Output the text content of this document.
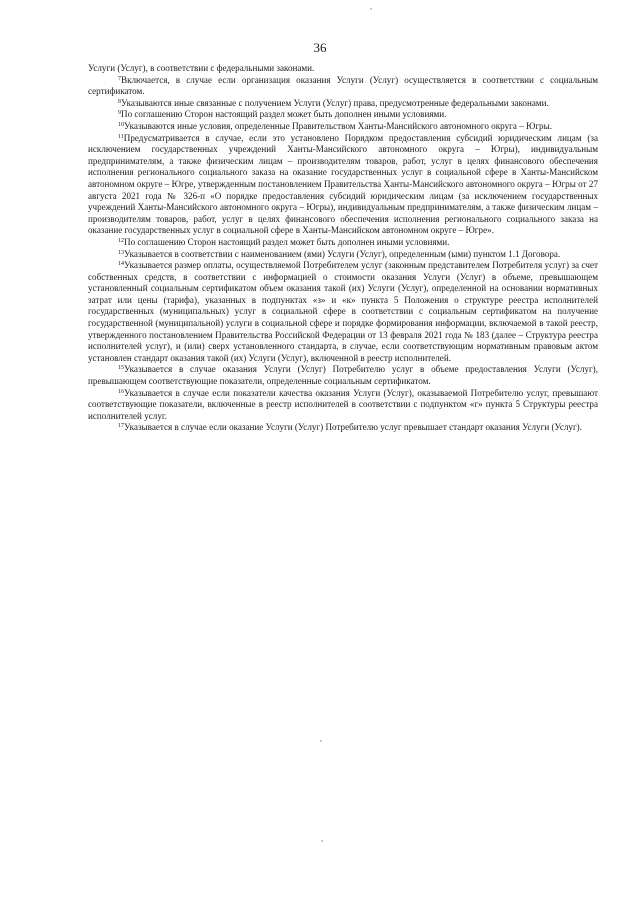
36

Услуги (Услуг), в соответствии с федеральными законами.

$^7$Включается, в случае если организация оказания Услуги (Услуг) осуществляется в соответствии с социальным сертификатом.

$^8$Указываются иные связанные с получением Услуги (Услуг) права, предусмотренные федеральными законами.

$^9$По соглашению Сторон настоящий раздел может быть дополнен иными условиями.

$^{10}$Указываются иные условия, определенные Правительством Ханты-Мансийского автономного округа – Югры.

$^{11}$Предусматривается в случае, если это установлено Порядком предоставления субсидий юридическим лицам (за исключением государственных учреждений Ханты-Мансийского автономного округа – Югры), индивидуальным предпринимателям, а также физическим лицам – производителям товаров, работ, услуг в целях финансового обеспечения исполнения регионального социального заказа на оказание государственных услуг в социальной сфере в Ханты-Мансийском автономном округе – Югре, утвержденным постановлением Правительства Ханты-Мансийского автономного округа – Югры от 27 августа 2021 года № 326-п «О порядке предоставления субсидий юридическим лицам (за исключением государственных учреждений Ханты-Мансийского автономного округа – Югры), индивидуальным предпринимателям, а также физическим лицам – производителям товаров, работ, услуг в целях финансового обеспечения исполнения регионального социального заказа на оказание государственных услуг в социальной сфере в Ханты-Мансийском автономном округе – Югре».

$^{12}$По соглашению Сторон настоящий раздел может быть дополнен иными условиями.

$^{13}$Указывается в соответствии с наименованием (ями) Услуги (Услуг), определенным (ыми) пунктом 1.1 Договора.

$^{14}$Указывается размер оплаты, осуществляемой Потребителем услуг (законным представителем Потребителя услуг) за счет собственных средств, в соответствии с информацией о стоимости оказания Услуги (Услуг) в объеме, превышающем установленный социальным сертификатом объем оказания такой (их) Услуги (Услуг), определенной на основании нормативных затрат или цены (тарифа), указанных в подпунктах «з» и «к» пункта 5 Положения о структуре реестра исполнителей государственных (муниципальных) услуг в социальной сфере в соответствии с социальным сертификатом на получение государственной (муниципальной) услуги в социальной сфере и порядке формирования информации, включаемой в такой реестр, утвержденного постановлением Правительства Российской Федерации от 13 февраля 2021 года № 183 (далее – Структура реестра исполнителей услуг), и (или) сверх установленного стандарта, в случае, если соответствующим нормативным правовым актом установлен стандарт оказания такой (их) Услуги (Услуг), включенной в реестр исполнителей.

$^{15}$Указывается в случае оказания Услуги (Услуг) Потребителю услуг в объеме предоставления Услуги (Услуг), превышающем соответствующие показатели, определенные социальным сертификатом.

$^{16}$Указывается в случае если показатели качества оказания Услуги (Услуг), оказываемой Потребителю услуг, превышают соответствующие показатели, включенные в реестр исполнителей в соответствии с подпунктом «г» пункта 5 Структуры реестра исполнителей услуг.

$^{17}$Указывается в случае если оказание Услуги (Услуг) Потребителю услуг превышает стандарт оказания Услуги (Услуг).
